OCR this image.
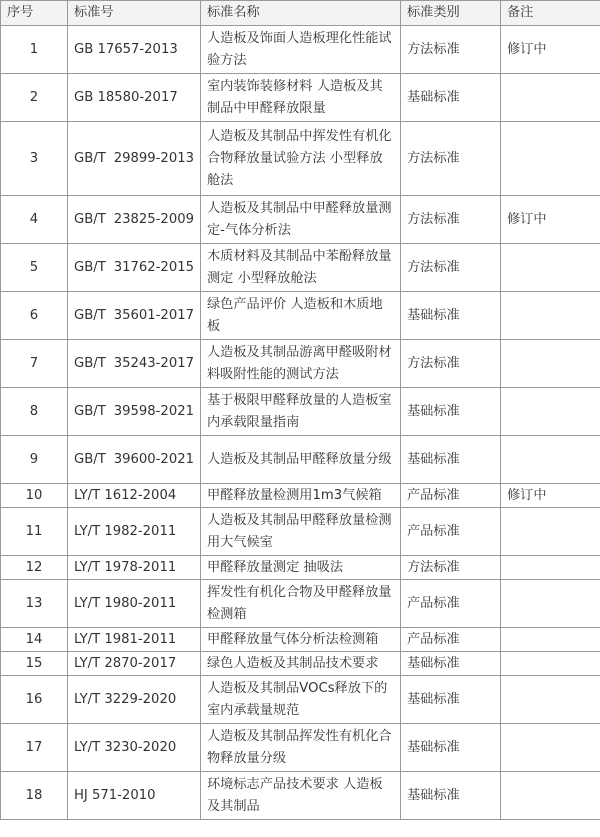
序号	标准号	标准名称	标准类别	备注
1	GB 17657-2013	人造板及饰面人造板理化性能试验方法	方法标准	修订中
2	GB 18580-2017	室内装饰装修材料 人造板及其制品中甲醛释放限量	基础标准	
3	GB/T 29899-2013	人造板及其制品中挥发性有机化合物释放量试验方法 小型释放舱法	方法标准	
4	GB/T 23825-2009	人造板及其制品中甲醛释放量测定-气体分析法	方法标准	修订中
5	GB/T 31762-2015	木质材料及其制品中苯酚释放量测定 小型释放舱法	方法标准	
6	GB/T 35601-2017	绿色产品评价 人造板和木质地板	基础标准	
7	GB/T 35243-2017	人造板及其制品游离甲醛吸附材料吸附性能的测试方法	方法标准	
8	GB/T 39598-2021	基于极限甲醛释放量的人造板室内承载限量指南	基础标准	
9	GB/T 39600-2021	人造板及其制品甲醛释放量分级	基础标准	
10	LY/T 1612-2004	甲醛释放量检测用1m3气候箱	产品标准	修订中
11	LY/T 1982-2011	人造板及其制品甲醛释放量检测用大气候室	产品标准	
12	LY/T 1978-2011	甲醛释放量测定 抽吸法	方法标准	
13	LY/T 1980-2011	挥发性有机化合物及甲醛释放量检测箱	产品标准	
14	LY/T 1981-2011	甲醛释放量气体分析法检测箱	产品标准	
15	LY/T 2870-2017	绿色人造板及其制品技术要求	基础标准	
16	LY/T 3229-2020	人造板及其制品VOCs释放下的室内承载量规范	基础标准	
17	LY/T 3230-2020	人造板及其制品挥发性有机化合物释放量分级	基础标准	
18	HJ 571-2010	环境标志产品技术要求 人造板及其制品	基础标准	
